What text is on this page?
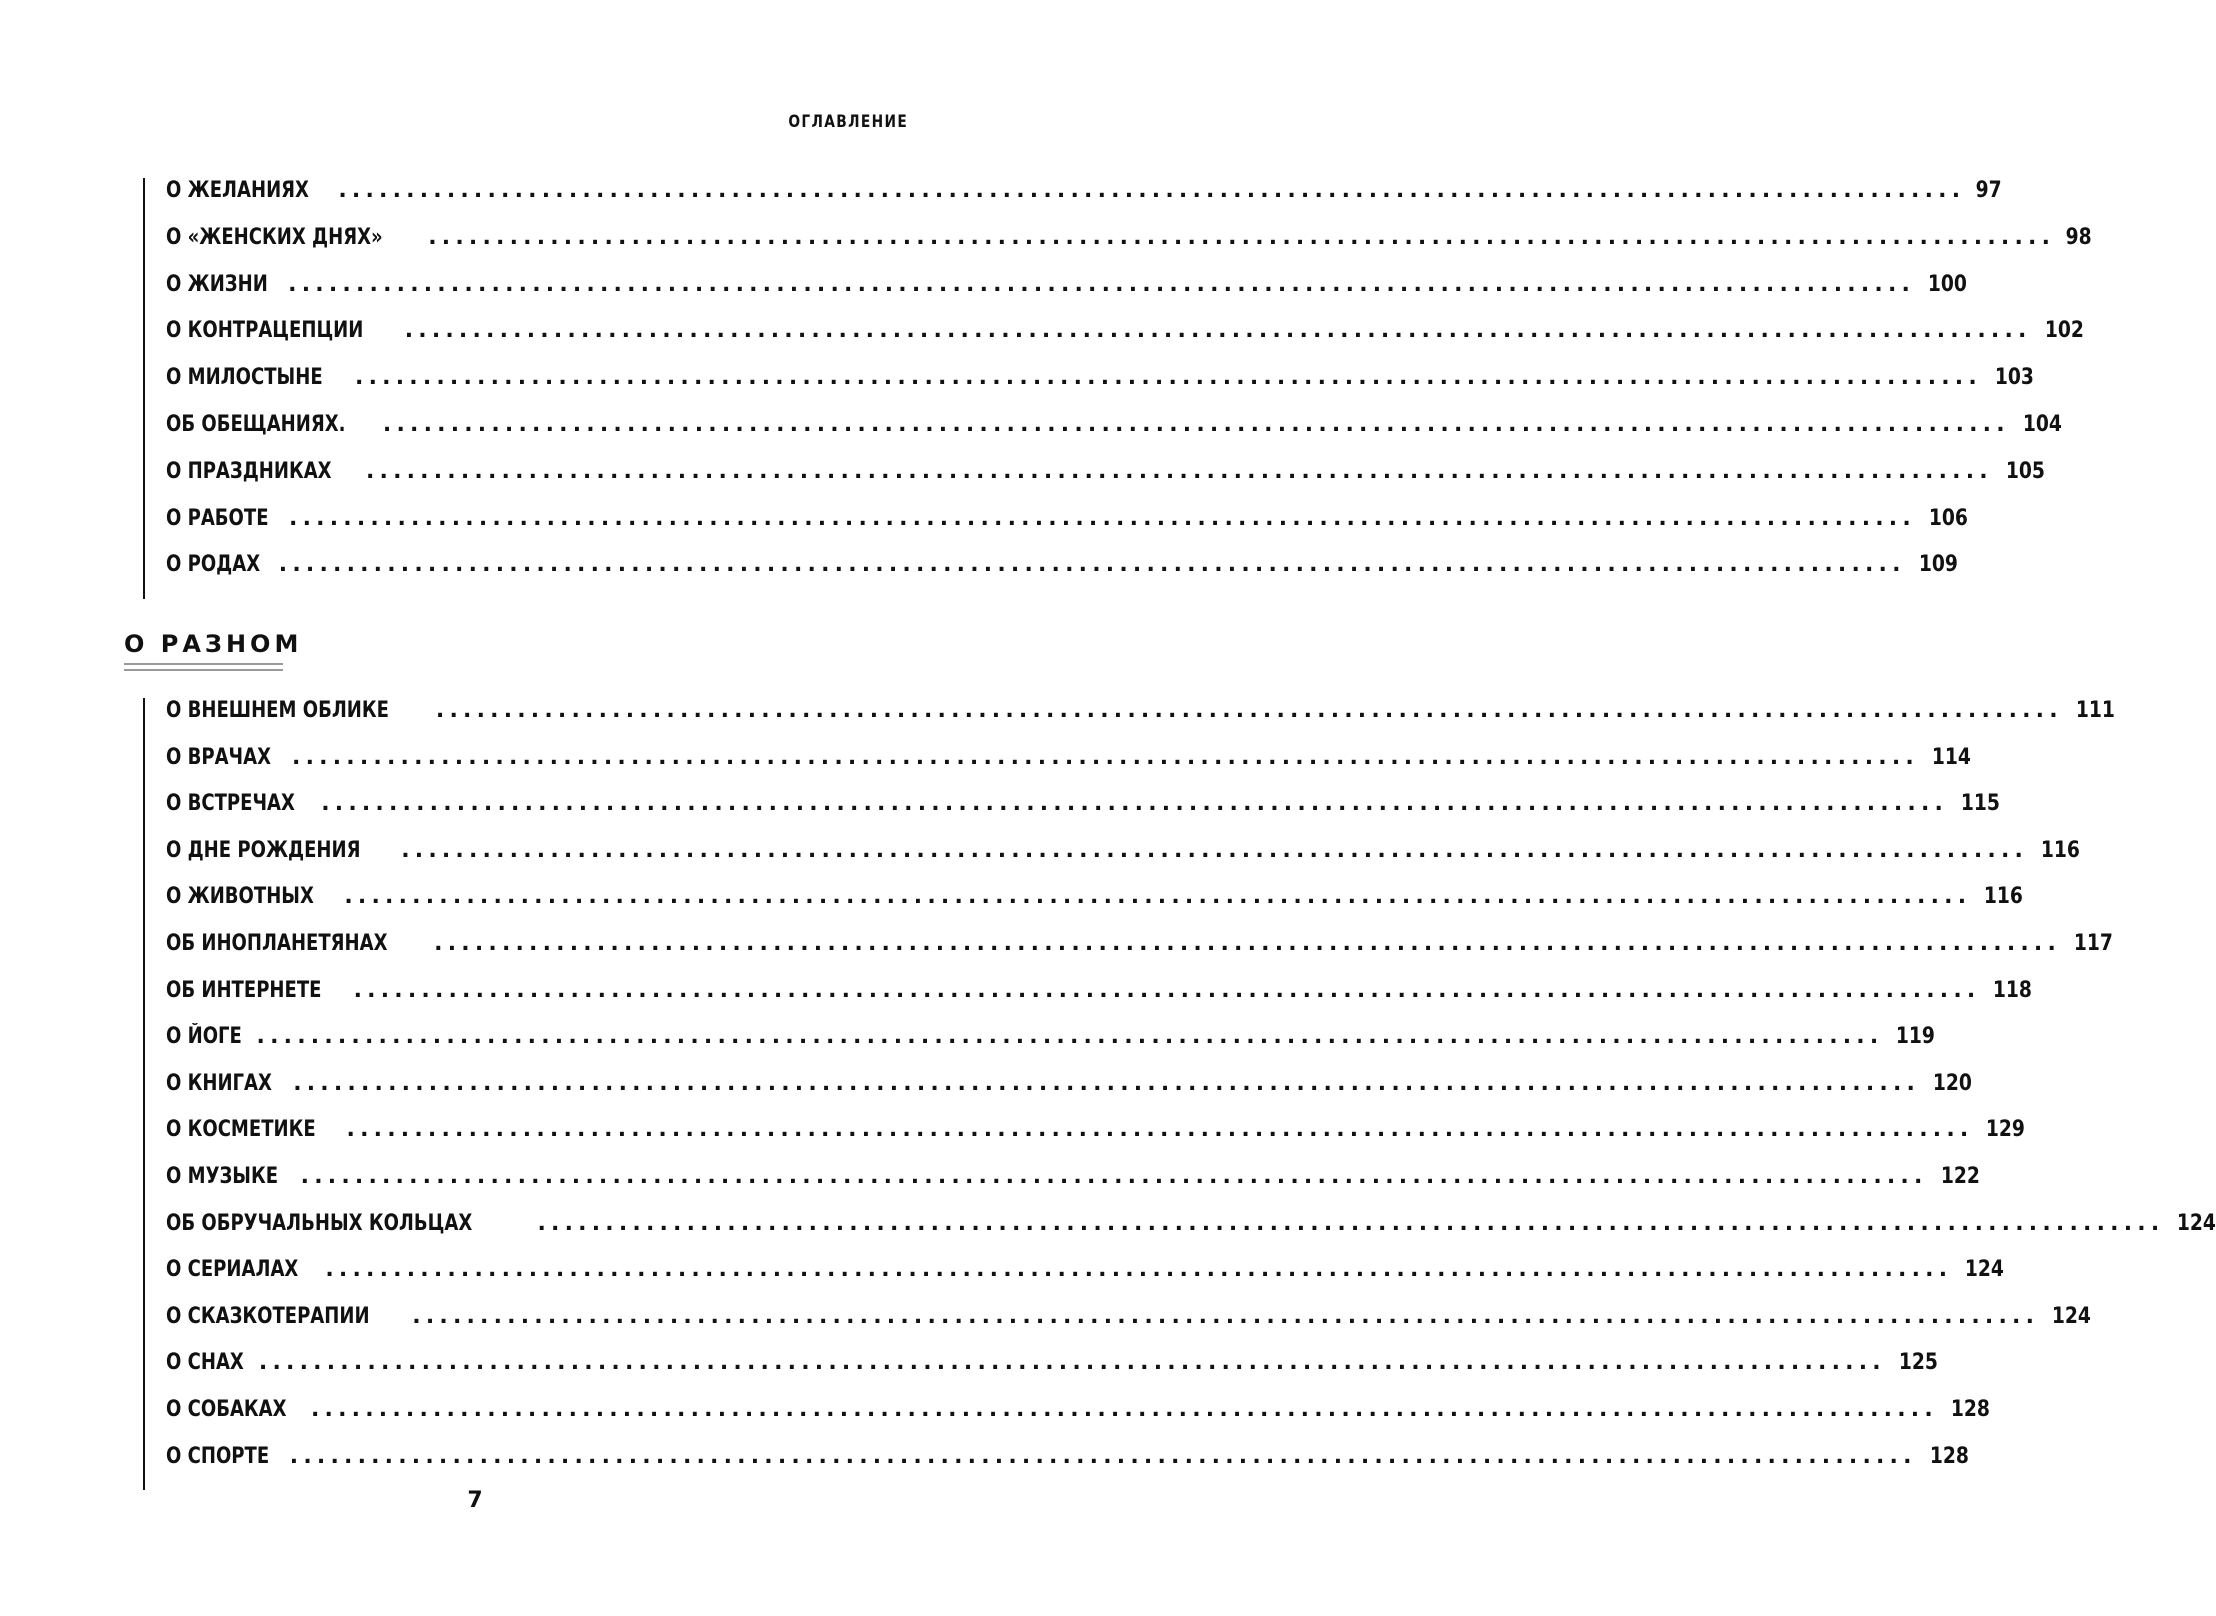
ОГЛАВЛЕНИЕ
О ЖЕЛАНИЯХ ........................................................................................................................ 97
О «ЖЕНСКИХ ДНЯХ» ........................................................................................................................ 98
О ЖИЗНИ ........................................................................................................................ 100
О КОНТРАЦЕПЦИИ ........................................................................................................................ 102
О МИЛОСТЫНЕ ........................................................................................................................ 103
ОБ ОБЕЩАНИЯХ. ........................................................................................................................ 104
О ПРАЗДНИКАХ ........................................................................................................................ 105
О РАБОТЕ ........................................................................................................................ 106
О РОДАХ ........................................................................................................................ 109
О РАЗНОМ
О ВНЕШНЕМ ОБЛИКЕ ........................................................................................................................ 111
О ВРАЧАХ ........................................................................................................................ 114
О ВСТРЕЧАХ ........................................................................................................................ 115
О ДНЕ РОЖДЕНИЯ ........................................................................................................................ 116
О ЖИВОТНЫХ ........................................................................................................................ 116
ОБ ИНОПЛАНЕТЯНАХ ........................................................................................................................ 117
ОБ ИНТЕРНЕТЕ ........................................................................................................................ 118
О ЙОГЕ ........................................................................................................................ 119
О КНИГАХ ........................................................................................................................ 120
О КОСМЕТИКЕ ........................................................................................................................ 129
О МУЗЫКЕ ........................................................................................................................ 122
ОБ ОБРУЧАЛЬНЫХ КОЛЬЦАХ	........................................................................................................................ 124
О СЕРИАЛАХ ........................................................................................................................ 124
О СКАЗКОТЕРАПИИ ........................................................................................................................ 124
О СНАХ ........................................................................................................................ 125
О СОБАКАХ ........................................................................................................................ 128
О СПОРТЕ ........................................................................................................................ 128
7
